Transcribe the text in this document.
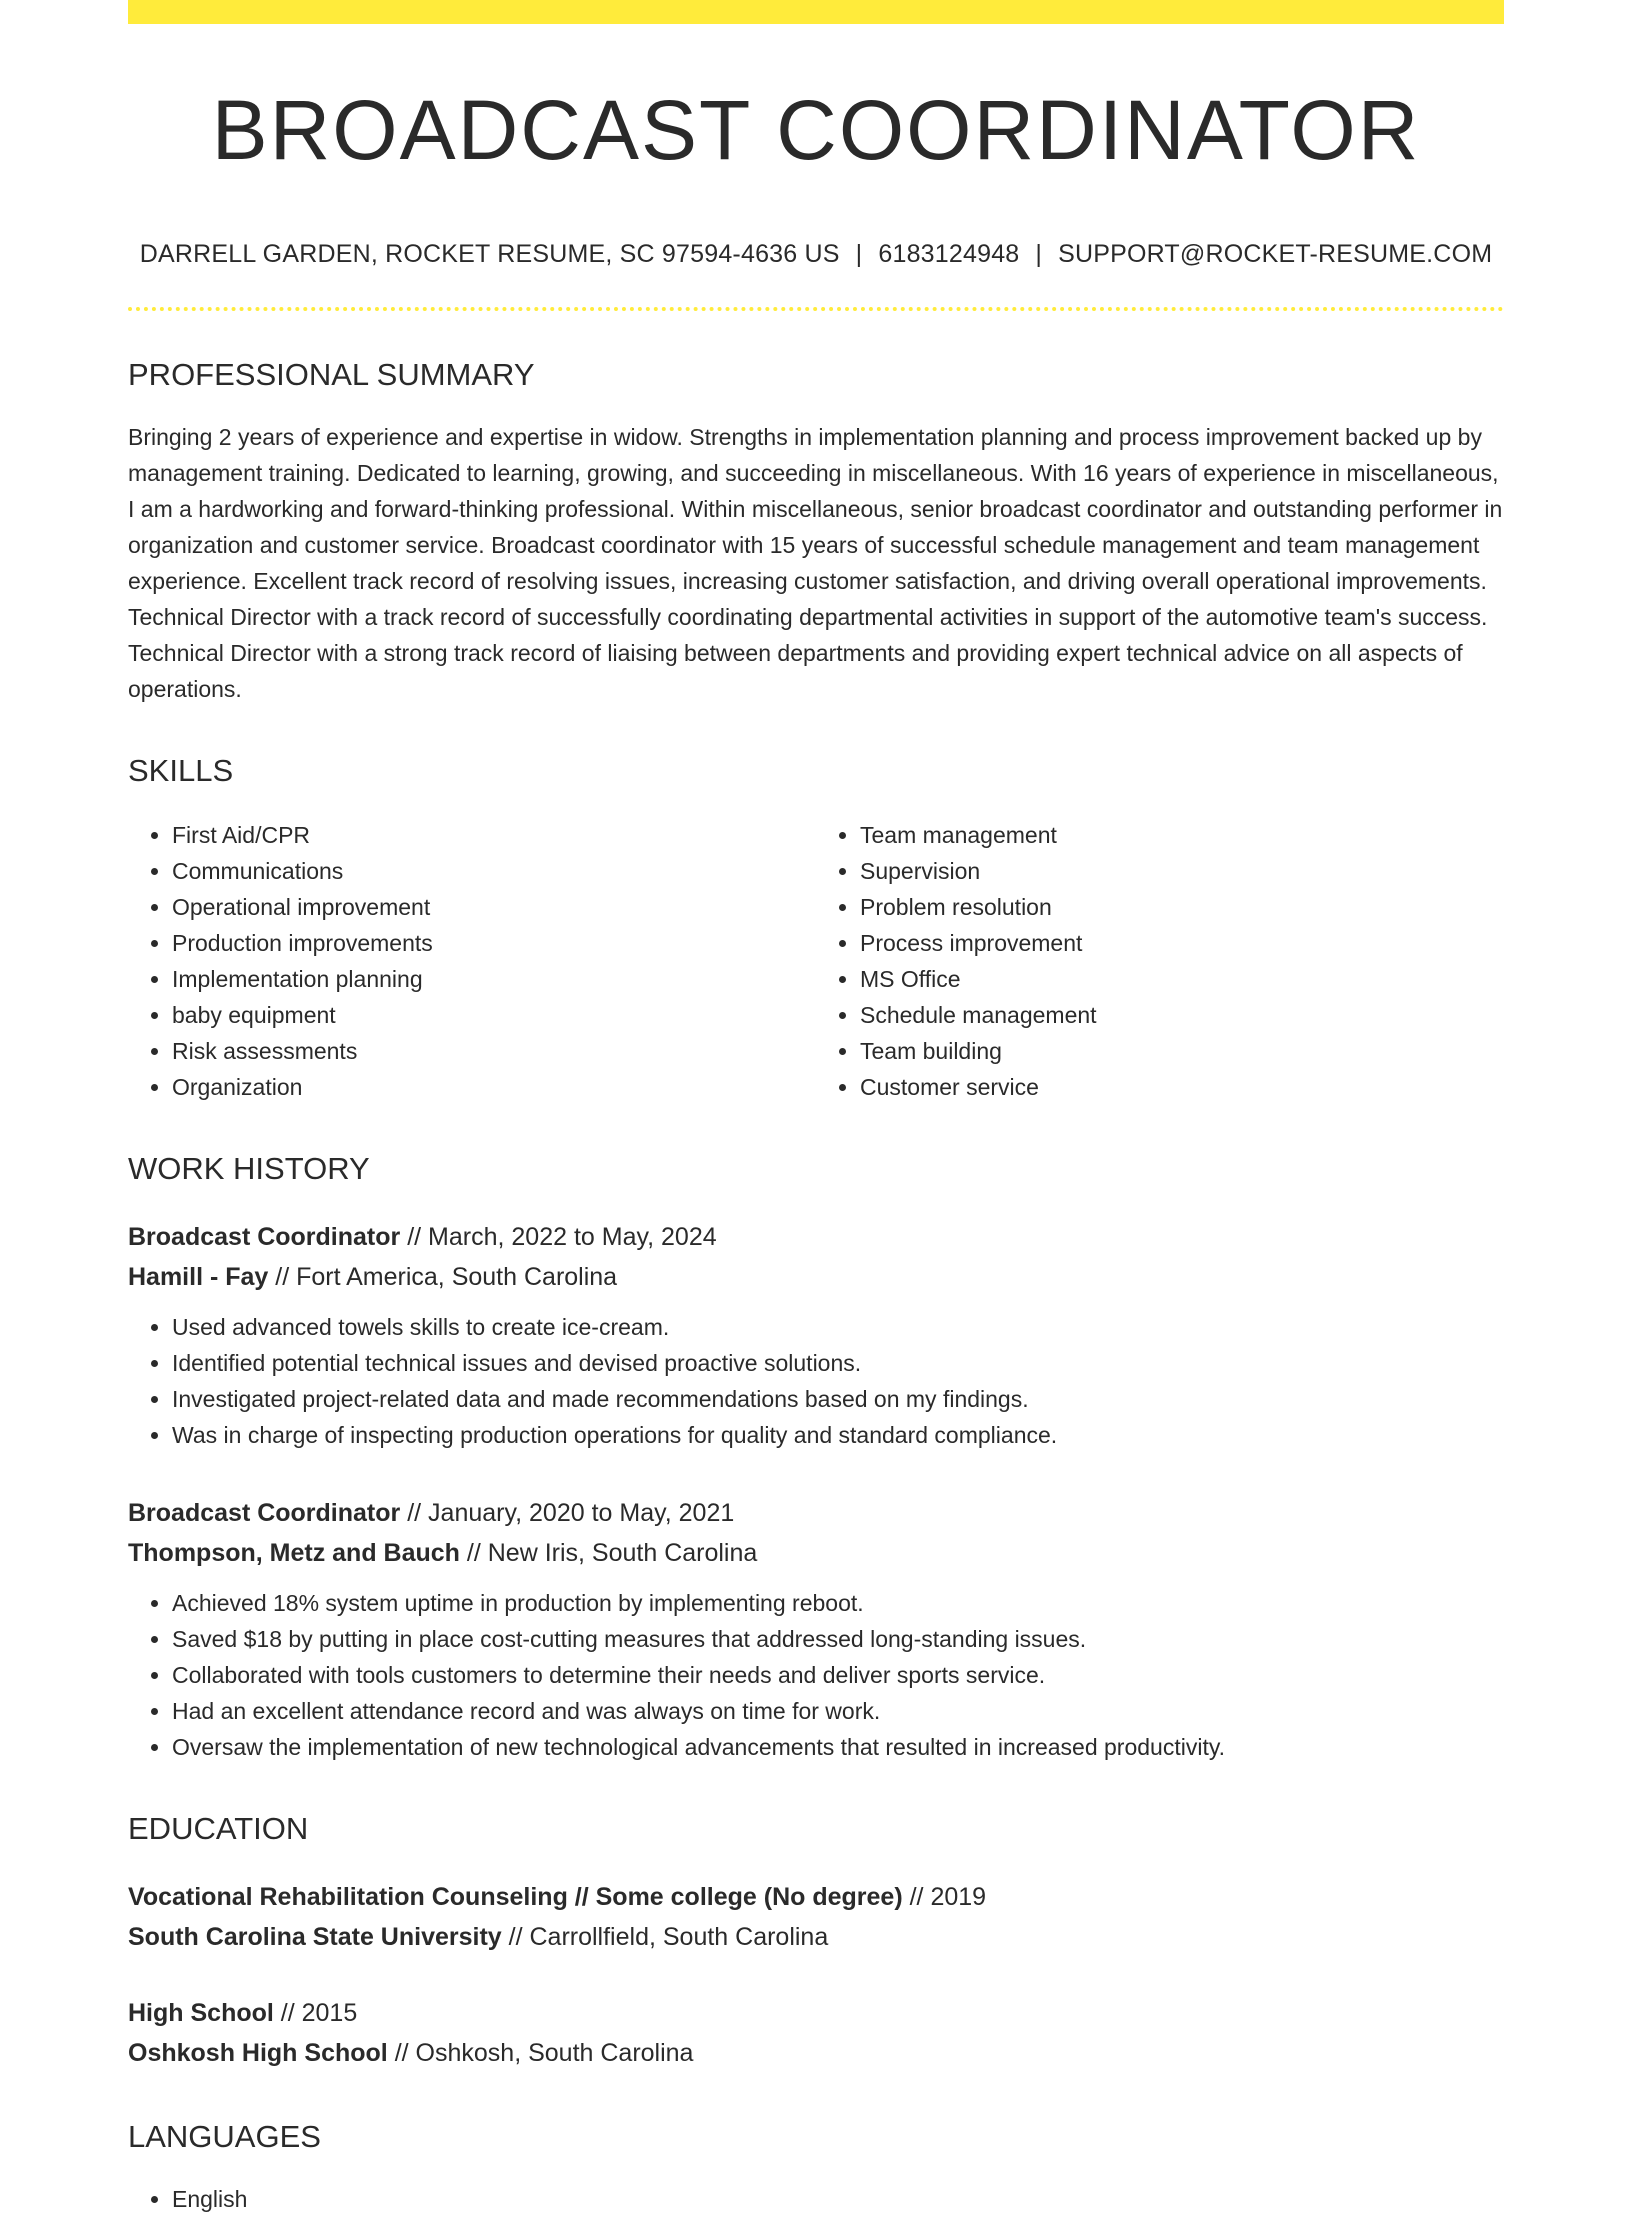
BROADCAST COORDINATOR
DARRELL GARDEN, ROCKET RESUME, SC 97594-4636 US | 6183124948 | SUPPORT@ROCKET-RESUME.COM
PROFESSIONAL SUMMARY
Bringing 2 years of experience and expertise in widow. Strengths in implementation planning and process improvement backed up by management training. Dedicated to learning, growing, and succeeding in miscellaneous. With 16 years of experience in miscellaneous, I am a hardworking and forward-thinking professional. Within miscellaneous, senior broadcast coordinator and outstanding performer in organization and customer service. Broadcast coordinator with 15 years of successful schedule management and team management experience. Excellent track record of resolving issues, increasing customer satisfaction, and driving overall operational improvements. Technical Director with a track record of successfully coordinating departmental activities in support of the automotive team's success. Technical Director with a strong track record of liaising between departments and providing expert technical advice on all aspects of operations.
SKILLS
• First Aid/CPR
• Communications
• Operational improvement
• Production improvements
• Implementation planning
• baby equipment
• Risk assessments
• Organization
• Team management
• Supervision
• Problem resolution
• Process improvement
• MS Office
• Schedule management
• Team building
• Customer service
WORK HISTORY
Broadcast Coordinator // March, 2022 to May, 2024
Hamill - Fay // Fort America, South Carolina
• Used advanced towels skills to create ice-cream.
• Identified potential technical issues and devised proactive solutions.
• Investigated project-related data and made recommendations based on my findings.
• Was in charge of inspecting production operations for quality and standard compliance.
Broadcast Coordinator // January, 2020 to May, 2021
Thompson, Metz and Bauch // New Iris, South Carolina
• Achieved 18% system uptime in production by implementing reboot.
• Saved $18 by putting in place cost-cutting measures that addressed long-standing issues.
• Collaborated with tools customers to determine their needs and deliver sports service.
• Had an excellent attendance record and was always on time for work.
• Oversaw the implementation of new technological advancements that resulted in increased productivity.
EDUCATION
Vocational Rehabilitation Counseling // Some college (No degree) // 2019
South Carolina State University // Carrollfield, South Carolina
High School // 2015
Oshkosh High School // Oshkosh, South Carolina
LANGUAGES
• English
